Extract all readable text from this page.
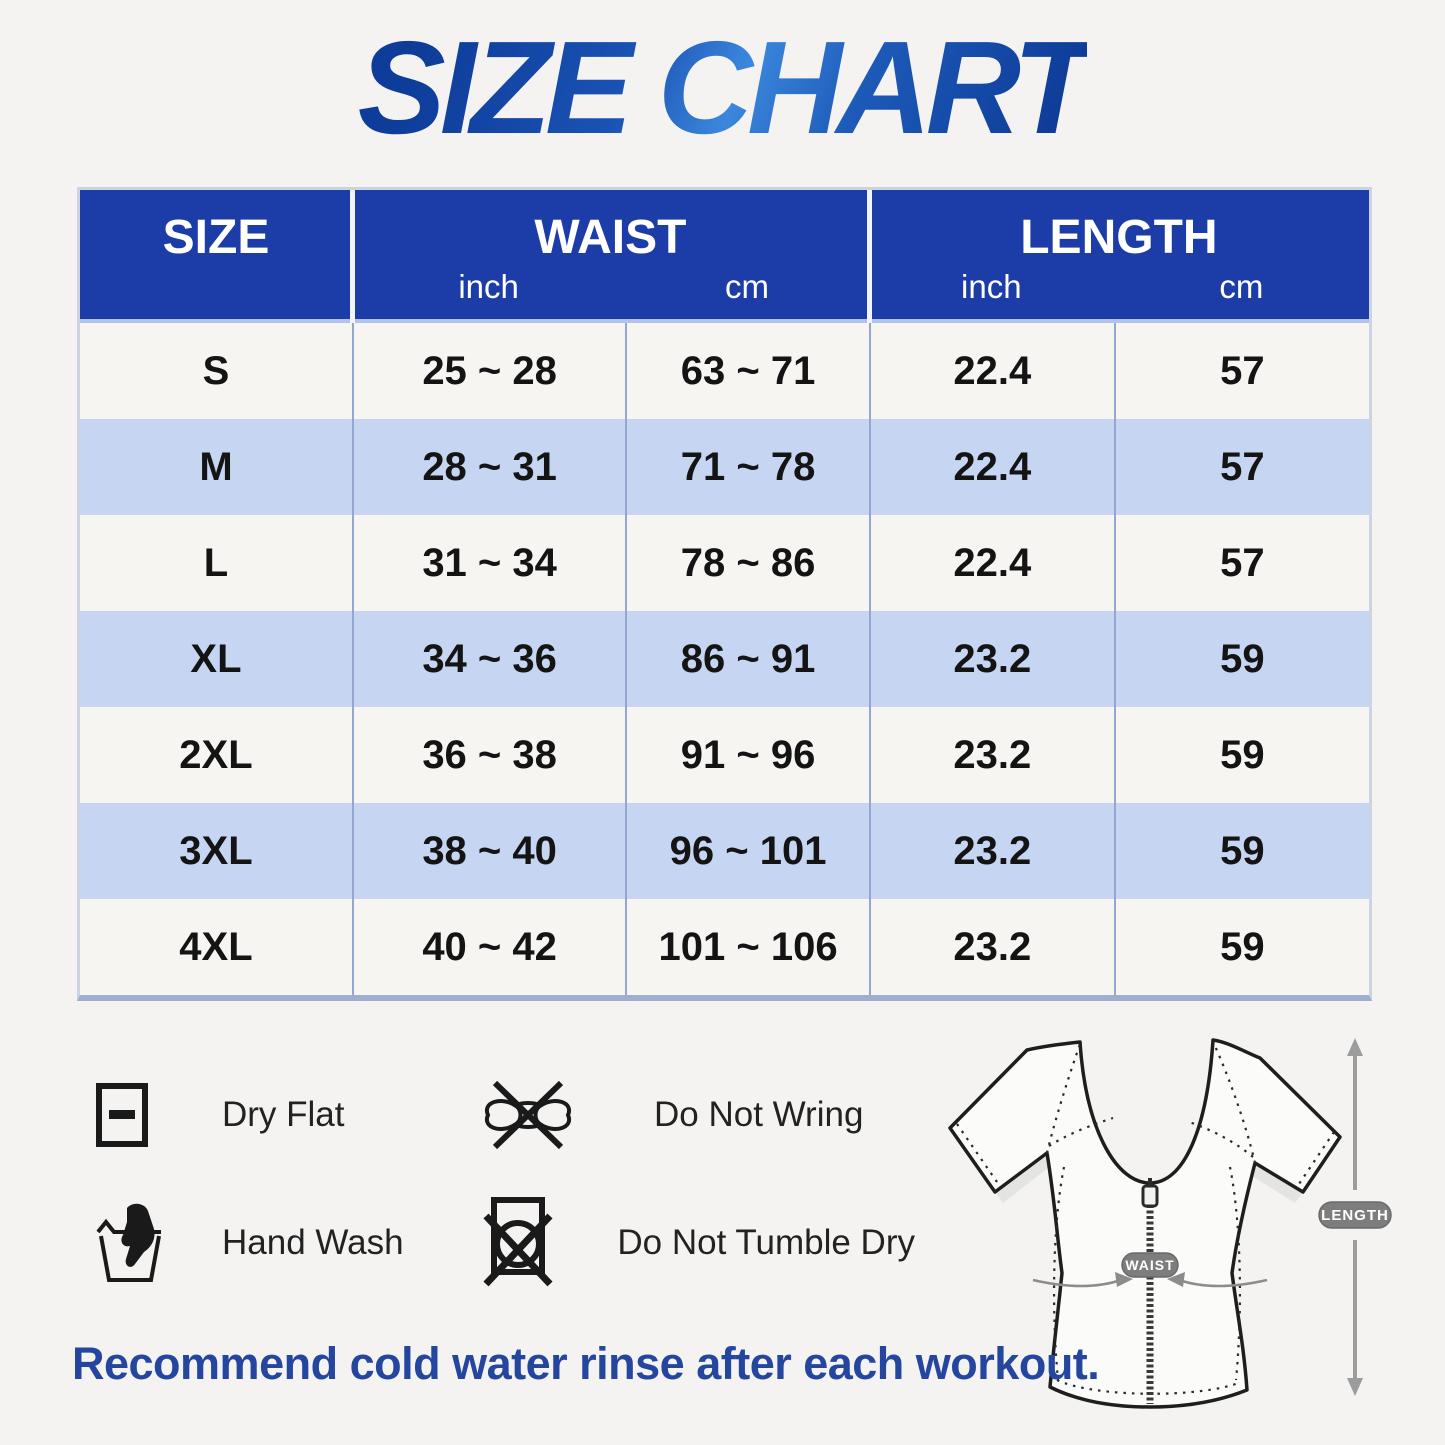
SIZE CHART
SIZE	WAIST	LENGTH
inch	cm	inch	cm
S	25 ~ 28	63 ~ 71	22.4	57
M	28 ~ 31	71 ~ 78	22.4	57
L	31 ~ 34	78 ~ 86	22.4	57
XL	34 ~ 36	86 ~ 91	23.2	59
2XL	36 ~ 38	91 ~ 96	23.2	59
3XL	38 ~ 40	96 ~ 101	23.2	59
4XL	40 ~ 42	101 ~ 106	23.2	59
Dry Flat	Do Not Wring
Hand Wash	Do Not Tumble Dry
WAIST
LENGTH
Recommend cold water rinse after each workout.
